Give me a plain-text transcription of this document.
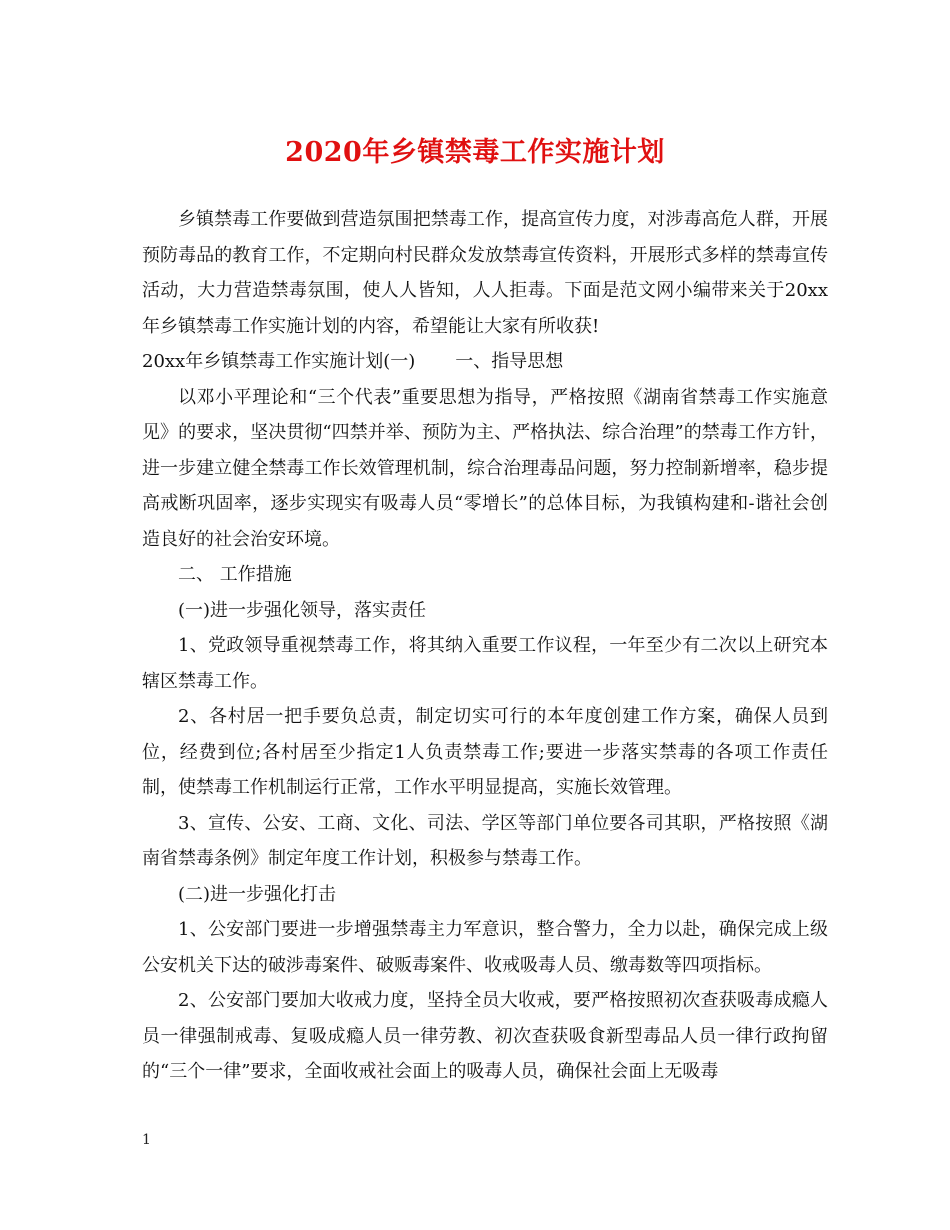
2020年乡镇禁毒工作实施计划

乡镇禁毒工作要做到营造氛围把禁毒工作，提高宣传力度，对涉毒高危人群，开展预防毒品的教育工作，不定期向村民群众发放禁毒宣传资料，开展形式多样的禁毒宣传活动，大力营造禁毒氛围，使人人皆知，人人拒毒。下面是范文网小编带来关于20xx年乡镇禁毒工作实施计划的内容，希望能让大家有所收获!

20xx年乡镇禁毒工作实施计划(一) 一、指导思想

以邓小平理论和“三个代表”重要思想为指导，严格按照《湖南省禁毒工作实施意见》的要求，坚决贯彻“四禁并举、预防为主、严格执法、综合治理”的禁毒工作方针，进一步建立健全禁毒工作长效管理机制，综合治理毒品问题，努力控制新增率，稳步提高戒断巩固率，逐步实现实有吸毒人员“零增长”的总体目标，为我镇构建和-谐社会创造良好的社会治安环境。

二、 工作措施

(一)进一步强化领导，落实责任

1、党政领导重视禁毒工作，将其纳入重要工作议程，一年至少有二次以上研究本辖区禁毒工作。

2、各村居一把手要负总责，制定切实可行的本年度创建工作方案，确保人员到位，经费到位;各村居至少指定1人负责禁毒工作;要进一步落实禁毒的各项工作责任制，使禁毒工作机制运行正常，工作水平明显提高，实施长效管理。

3、宣传、公安、工商、文化、司法、学区等部门单位要各司其职，严格按照《湖南省禁毒条例》制定年度工作计划，积极参与禁毒工作。

(二)进一步强化打击

1、公安部门要进一步增强禁毒主力军意识，整合警力，全力以赴，确保完成上级公安机关下达的破涉毒案件、破贩毒案件、收戒吸毒人员、缴毒数等四项指标。

2、公安部门要加大收戒力度，坚持全员大收戒，要严格按照初次查获吸毒成瘾人员一律强制戒毒、复吸成瘾人员一律劳教、初次查获吸食新型毒品人员一律行政拘留的“三个一律”要求，全面收戒社会面上的吸毒人员，确保社会面上无吸毒

1
